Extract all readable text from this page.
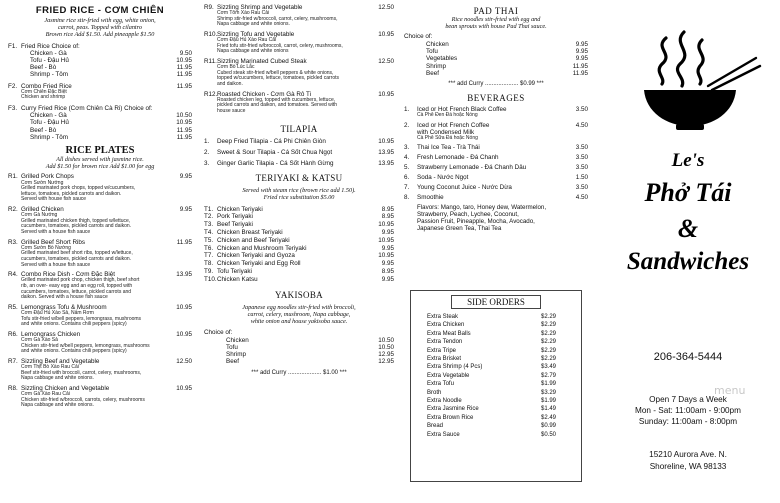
FRIED RICE - CƠM CHIÊN
Jasmine rice stir-fried with egg, white onion,
carrot, peas. Topped with cilantro
Brown rice Add $1.50. Add pineapple $1.50
F1. Fried Rice Choice of:
Chicken - Gà	9.50
Tofu - Đậu Hủ	10.95
Beef - Bò	11.95
Shrimp - Tôm	11.95
F2. Combo Fried Rice	11.95
Cơm Chiên Đặc Biệt
Chicken and shrimp
F3. Curry Fried Rice (Cơm Chiên Cà Ri) Choice of:
Chicken - Gà	10.50
Tofu - Đậu Hủ	10.95
Beef - Bò	11.95
Shrimp - Tôm	11.95
RICE PLATES
All dishes served with jasmine rice.
Add $1.50 for brown rice Add $1.00 for egg
R1. Grilled Pork Chops	9.95
Cơm Sườn Nướng
Grilled marinated pork chops, topped w/cucumbers,
lettuce, tomatoes, pickled carrots and daikon.
Served with house fish sauce
R2. Grilled Chicken	9.95
Cơm Gà Nướng
Grilled marinated chicken thigh, topped w/lettuce,
cucumbers, tomatoes, pickled carrots and daikon.
Served with a house fish sauce
R3. Grilled Beef Short Ribs	11.95
Cơm Sườn Bò Nướng
Grilled marinated beef short ribs, topped w/lettuce,
cucumbers, tomatoes, pickled carrots and daikon.
Served with a house fish sauce
R4. Combo Rice Dish - Cơm Đặc Biệt	13.95
Grilled marinated pork chop, chicken thigh, beef short
rib, an over- easy egg and an egg roll, topped with
cucumbers, tomatoes, lettuce, pickled carrots and
daikon. Served with a house fish sauce
R5. Lemongrass Tofu & Mushroom	10.95
Cơm Đậu Hủ Xào Sả, Nấm Rơm
Tofu stir-fried w/bell peppers, lemongrass, mushrooms
and white onions. Contains chili peppers (spicy)
R6. Lemongrass Chicken	10.95
Cơm Gà Xào Sả
Chicken stir-fried w/bell peppers, lemongrass, mushrooms
and white onions. Contains chili peppers (spicy)
R7. Sizzling Beef and Vegetable	12.50
Cơm Thịt Bò Xào Rau Cải
Beef stir-fried with broccoli, carrot, celery, mushrooms,
Napa cabbage and white onions.
R8. Sizzling Chicken and Vegetable	10.95
Cơm Gà Xào Rau Cải
Chicken stir-fried w/broccoli, carrots, celery, mushrooms
Napa cabbage and white onions.
R9. Sizzling Shrimp and Vegetable	12.50
Cơm Tôm Xào Rau Cải
Shrimp stir-fried w/broccoli, carrot, celery, mushrooms,
Napa cabbage and white onions.
R10. Sizzling Tofu and Vegetable	10.95
Cơm Đậu Hủ Xào Rau Cải
Fried tofu stir-fried w/broccoli, carrot, celery, mushrooms,
Napa cabbage and white onions
R11. Sizzling Marinated Cubed Steak	12.50
Cơm Bò Lúc Lắc
Cubed steak stir-fried w/bell peppers & white onions,
topped w/cucumbers, lettuce, tomatoes, pickled carrots
and daikon.
R12. Roasted Chicken - Cơm Gà Rô Ti	10.95
Roasted chicken leg, topped with cucumbers, lettuce,
pickled carrots and daikon, and tomatoes. Served with
house sauce
TILAPIA
1.	Deep Fried Tilapia - Cá Phi Chiên Giòn	10.95
2.	Sweet & Sour Tilapia - Cá Sốt Chua Ngọt	13.95
3.	Ginger Garlic Tilapia - Cá Sốt Hành Gừng	13.95
TERIYAKI & KATSU
Served with steam rice (brown rice add 1.50).
Fried rice substitution $5.00
T1. Chicken Teriyaki	8.95
T2. Pork Teriyaki	8.95
T3. Beef Teriyaki	10.95
T4. Chicken Breast Teriyaki	9.95
T5. Chicken and Beef Teriyaki	10.95
T6. Chicken and Mushroom Teriyaki	9.95
T7. Chicken Teriyaki and Gyoza	10.95
T8. Chicken Teriyaki and Egg Roll	9.95
T9. Tofu Teriyaki	8.95
T10. Chicken Katsu	9.95
YAKISOBA
Japanese egg noodles stir-fried with broccoli,
carrot, celery, mushroom, Napa cabbage,
white onion and house yakisoba sauce.
Choice of:
Chicken	10.50
Tofu	10.50
Shrimp	12.95
Beef	12.95
*** add Curry .................... $1.00 ***
PAD THAI
Rice noodles stir-fried with egg and
bean sprouts with house Pad Thai sauce.
Choice of:
Chicken	9.95
Tofu	9.95
Vegetables	9.95
Shrimp	11.95
Beef	11.95
*** add Curry .................... $0.99 ***
BEVERAGES
1.	Iced or Hot French Black Coffee	3.50
Cà Phê Đen Đá hoặc Nóng
2.	Iced or Hot French Coffee	4.50
with Condensed Milk
Cà Phê Sữa Đá hoặc Nóng
3.	Thai Ice Tea - Trà Thái	3.50
4.	Fresh Lemonade - Đá Chanh	3.50
5.	Strawberry Lemonade - Đá Chanh Dâu	3.50
6.	Soda - Nước Ngọt	1.50
7.	Young Coconut Juice - Nước Dừa	3.50
8.	Smoothie	4.50
Flavors: Mango, taro, Honey dew, Watermelon,
Strawberry, Peach, Lychee, Coconut,
Passion Fruit, Pineapple, Mocha, Avocado,
Japanese Green Tea, Thai Tea
SIDE ORDERS
Extra Steak	$2.29
Extra Chicken	$2.29
Extra Meat Balls	$2.29
Extra Tendon	$2.29
Extra Tripe	$2.29
Extra Brisket	$2.29
Extra Shrimp (4 Pcs)	$3.49
Extra Vegetable	$2.79
Extra Tofu	$1.99
Broth	$3.29
Extra Noodle	$1.99
Extra Jasmine Rice	$1.49
Extra Brown Rice	$2.49
Bread	$0.99
Extra Sauce	$0.50
Le's
Phở Tái
&
Sandwiches
206-364-5444
Open 7 Days a Week
Mon - Sat: 11:00am - 9:00pm
Sunday: 11:00am - 8:00pm
15210 Aurora Ave. N.
Shoreline, WA 98133
menu
